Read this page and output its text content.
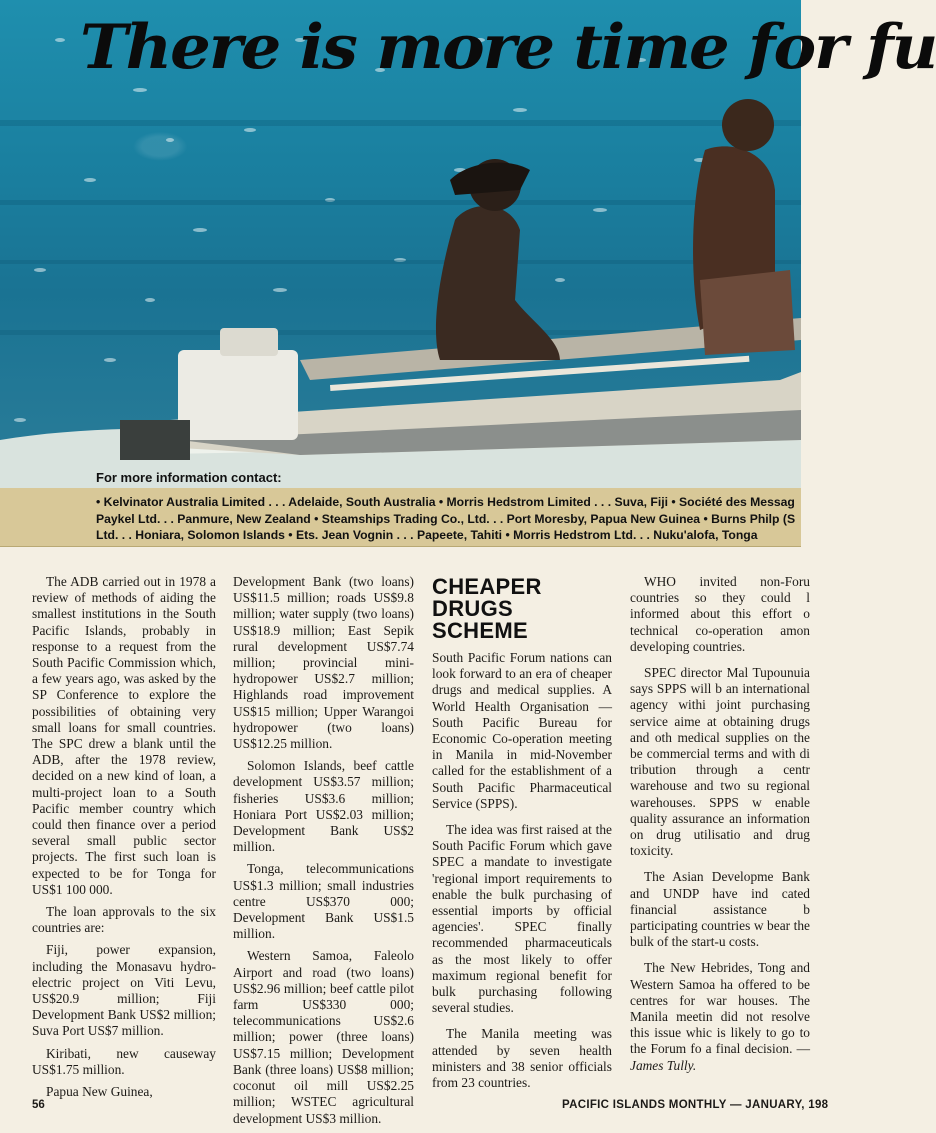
There is more time for fu
For more information contact:
• Kelvinator Australia Limited . . . Adelaide, South Australia • Morris Hedstrom Limited . . . Suva, Fiji • Société des Messag
Paykel Ltd. . . Panmure, New Zealand • Steamships Trading Co., Ltd. . . Port Moresby, Papua New Guinea • Burns Philp (S
Ltd. . . Honiara, Solomon Islands • Ets. Jean Vognin . . . Papeete, Tahiti • Morris Hedstrom Ltd. . . Nuku'alofa, Tonga

The ADB carried out in 1978 a review of methods of aiding the smallest institutions in the South Pacific Islands, probably in response to a request from the South Pacific Commission which, a few years ago, was asked by the SP Conference to explore the possibilities of obtaining very small loans for small countries. The SPC drew a blank until the ADB, after the 1978 review, decided on a new kind of loan, a multi-project loan to a South Pacific member country which could then finance over a period several small public sector projects. The first such loan is expected to be for Tonga for US$1 100 000.

The loan approvals to the six countries are:

Fiji, power expansion, including the Monasavu hydro-electric project on Viti Levu, US$20.9 million; Fiji Development Bank US$2 million; Suva Port US$7 million.

Kiribati, new causeway US$1.75 million.

Papua New Guinea,

Development Bank (two loans) US$11.5 million; roads US$9.8 million; water supply (two loans) US$18.9 million; East Sepik rural development US$7.74 million; provincial mini-hydropower US$2.7 million; Highlands road improvement US$15 million; Upper Warangoi hydropower (two loans) US$12.25 million.

Solomon Islands, beef cattle development US$3.57 million; fisheries US$3.6 million; Honiara Port US$2.03 million; Development Bank US$2 million.

Tonga, telecommunications US$1.3 million; small industries centre US$370 000; Development Bank US$1.5 million.

Western Samoa, Faleolo Airport and road (two loans) US$2.96 million; beef cattle pilot farm US$330 000; telecommunications US$2.6 million; power (three loans) US$7.15 million; Development Bank (three loans) US$8 million; coconut oil mill US$2.25 million; WSTEC agricultural development US$3 million.

CHEAPER
DRUGS
SCHEME

South Pacific Forum nations can look forward to an era of cheaper drugs and medical supplies. A World Health Organisation — South Pacific Bureau for Economic Co-operation meeting in Manila in mid-November called for the establishment of a South Pacific Pharmaceutical Service (SPPS).

The idea was first raised at the South Pacific Forum which gave SPEC a mandate to investigate 'regional import requirements to enable the bulk purchasing of essential imports by official agencies'. SPEC finally recommended pharmaceuticals as the most likely to offer maximum regional benefit for bulk purchasing following several studies.

The Manila meeting was attended by seven health ministers and 38 senior officials from 23 countries.

WHO invited non-Foru countries so they could l informed about this effort o technical co-operation amon developing countries.

SPEC director Mal Tupounuia says SPPS will b an international agency withi joint purchasing service aime at obtaining drugs and oth medical supplies on the be commercial terms and with di tribution through a centr warehouse and two su regional warehouses. SPPS w enable quality assurance an information on drug utilisatio and drug toxicity.

The Asian Developme Bank and UNDP have ind cated financial assistance b participating countries w bear the bulk of the start-u costs.

The New Hebrides, Tong and Western Samoa ha offered to be centres for war houses. The Manila meetin did not resolve this issue whic is likely to go to the Forum fo a final decision. — James Tully.

56	PACIFIC ISLANDS MONTHLY — JANUARY, 198
